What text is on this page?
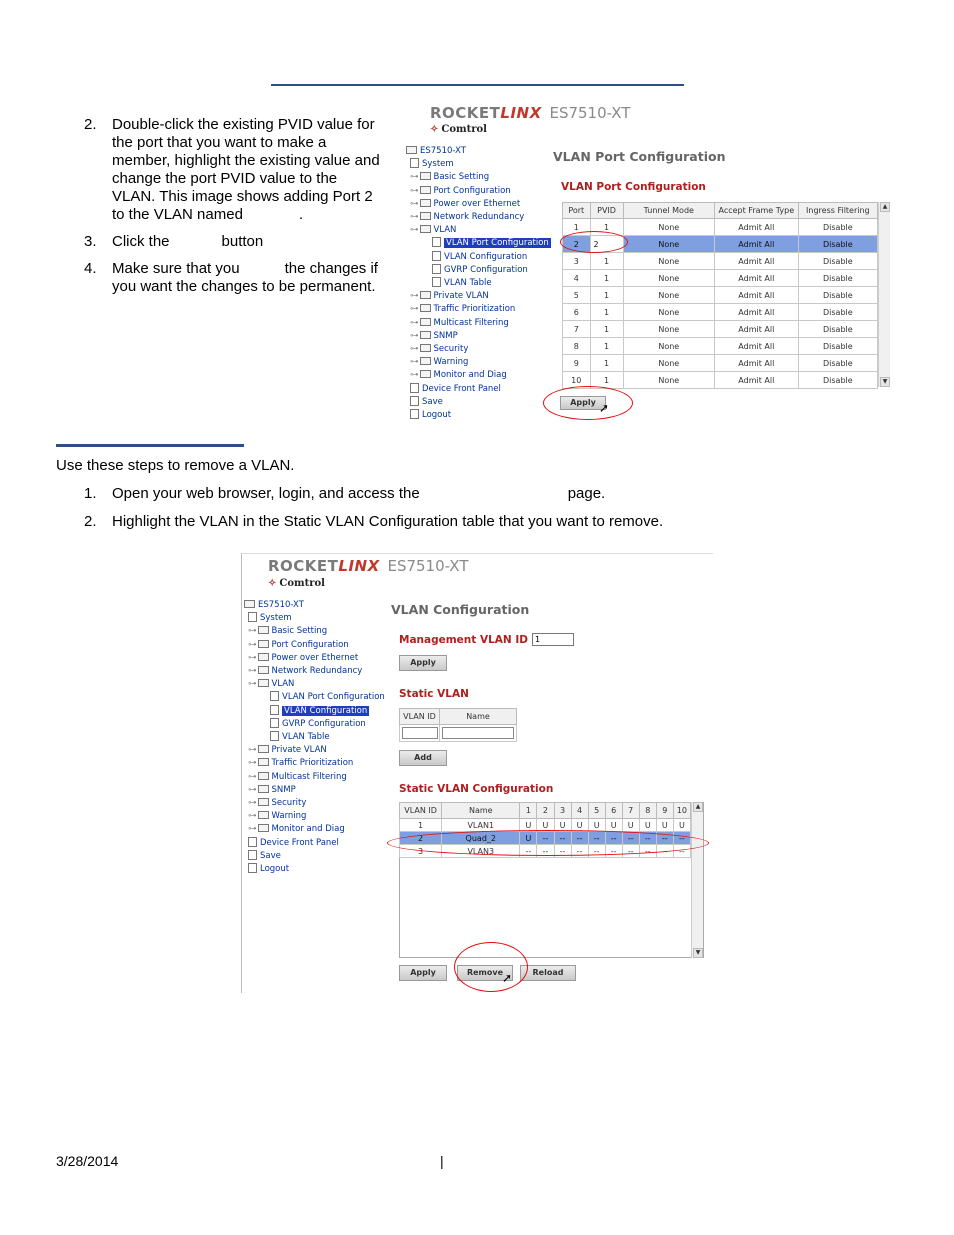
2. Double-click the existing PVID value for
the port that you want to make a
member, highlight the existing value and
change the port PVID value to the
VLAN. This image shows adding Port 2
to the VLAN named	.
3. Click the	button
4. Make sure that you	the changes if
you want the changes to be permanent.
ROCKETLINX ES7510-XT
✧ Comtrol
ES7510-XT
System
⊶ Basic Setting
⊶ Port Configuration
⊶ Power over Ethernet
⊶ Network Redundancy
⊶ VLAN
VLAN Port Configuration
VLAN Configuration
GVRP Configuration
VLAN Table
⊶ Private VLAN
⊶ Traffic Prioritization
⊶ Multicast Filtering
⊶ SNMP
⊶ Security
⊶ Warning
⊶ Monitor and Diag
Device Front Panel
Save
Logout
VLAN Port Configuration
VLAN Port Configuration
Port	PVID	Tunnel Mode	Accept Frame Type	Ingress Filtering
1	1	None	Admit All	Disable
2	2	None	Admit All	Disable
3	1	None	Admit All	Disable
4	1	None	Admit All	Disable
5	1	None	Admit All	Disable
6	1	None	Admit All	Disable
7	1	None	Admit All	Disable
8	1	None	Admit All	Disable
9	1	None	Admit All	Disable
10	1	None	Admit All	Disable
▲
▼
Apply ➚
Use these steps to remove a VLAN.
1. Open your web browser, login, and access the	page.
2. Highlight the VLAN in the Static VLAN Configuration table that you want to remove.
ROCKETLINX ES7510-XT
✧ Comtrol
ES7510-XT
System
⊶ Basic Setting
⊶ Port Configuration
⊶ Power over Ethernet
⊶ Network Redundancy
⊶ VLAN
VLAN Port Configuration
VLAN Configuration
GVRP Configuration
VLAN Table
⊶ Private VLAN
⊶ Traffic Prioritization
⊶ Multicast Filtering
⊶ SNMP
⊶ Security
⊶ Warning
⊶ Monitor and Diag
Device Front Panel
Save
Logout
VLAN Configuration
Management VLAN ID 1
Apply
Static VLAN
VLAN ID	Name

Add
Static VLAN Configuration
VLAN ID	Name	1	2	3	4	5	6	7	8	9	10
1	VLAN1	U	U	U	U	U	U	U	U	U	U
2	Quad_2	U	--	--	--	--	--	--	--	--	--
3	VLAN3	--	--	--	--	--	--	--	--	--	--
▲
▼
Apply	Remove	Reload
➚
3/28/2014	|
